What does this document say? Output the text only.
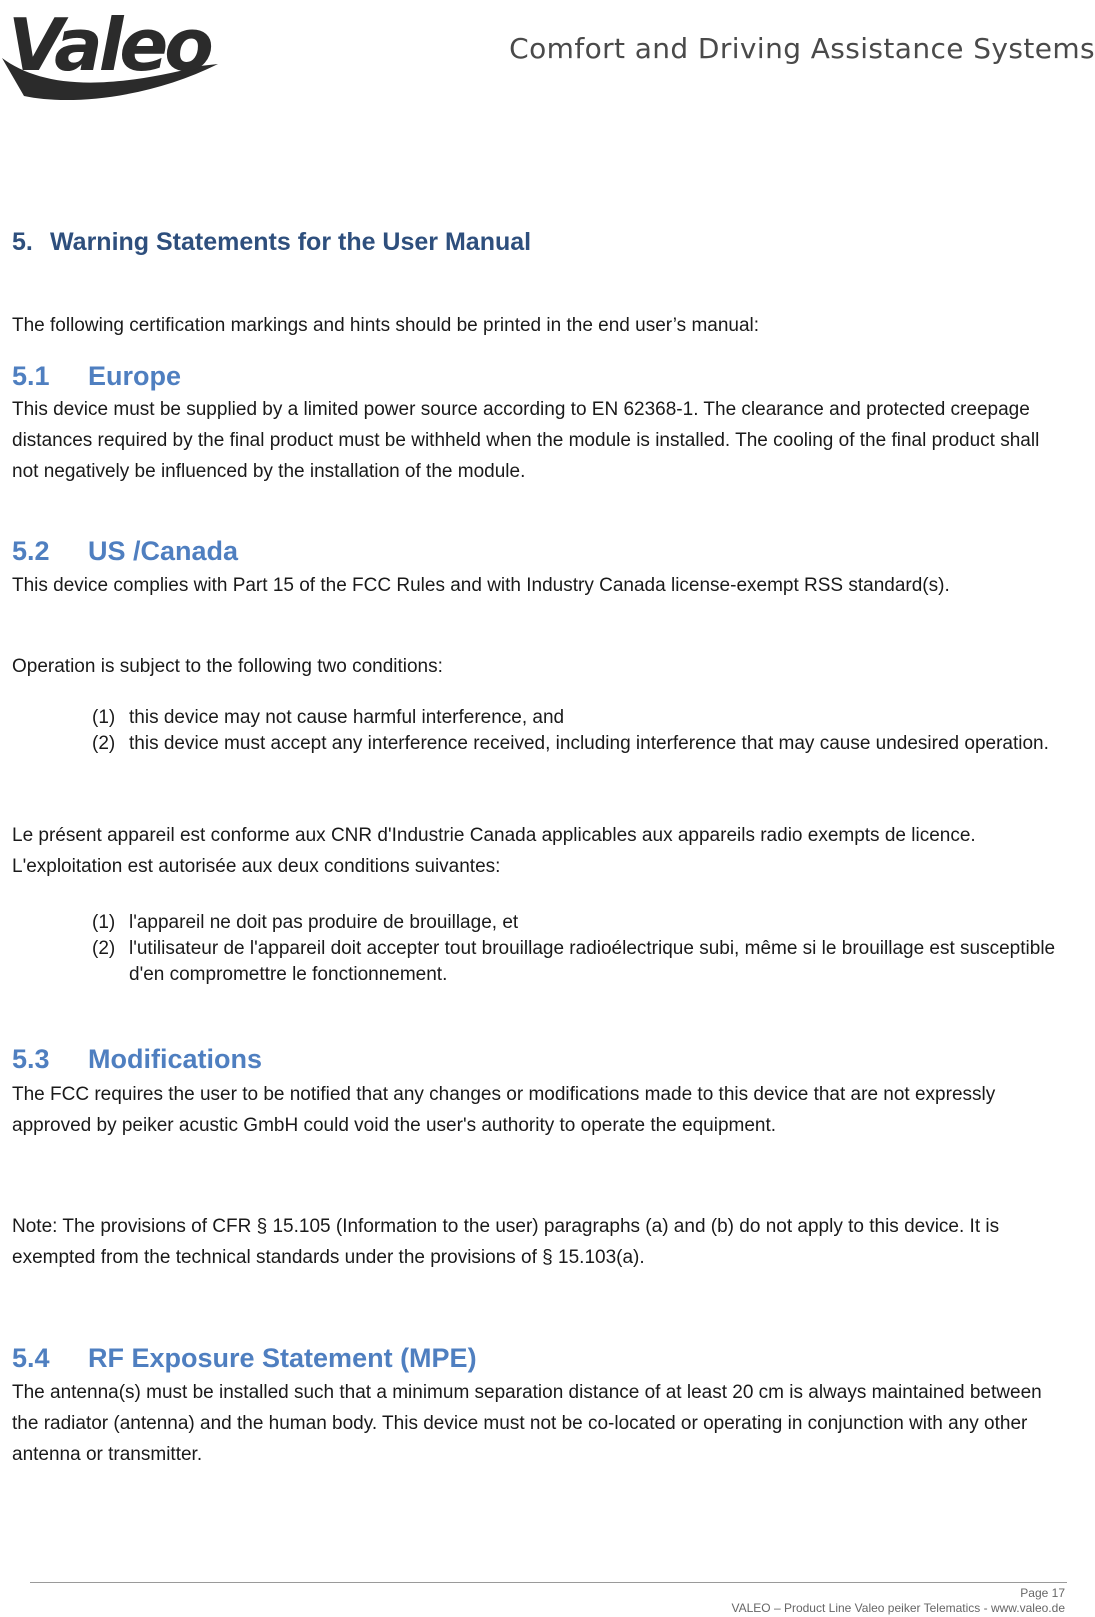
Valeo	Comfort and Driving Assistance Systems
5. Warning Statements for the User Manual

The following certification markings and hints should be printed in the end user’s manual:

5.1 Europe

This device must be supplied by a limited power source according to EN 62368-1. The clearance and protected creepage distances required by the final product must be withheld when the module is installed. The cooling of the final product shall not negatively be influenced by the installation of the module.

5.2 US /Canada

This device complies with Part 15 of the FCC Rules and with Industry Canada license-exempt RSS standard(s).

Operation is subject to the following two conditions:

(1) this device may not cause harmful interference, and
(2) this device must accept any interference received, including interference that may cause undesired operation.

Le présent appareil est conforme aux CNR d'Industrie Canada applicables aux appareils radio exempts de licence. L'exploitation est autorisée aux deux conditions suivantes:

(1) l'appareil ne doit pas produire de brouillage, et
(2) l'utilisateur de l'appareil doit accepter tout brouillage radioélectrique subi, même si le brouillage est susceptible d'en compromettre le fonctionnement.
5.3 Modifications

The FCC requires the user to be notified that any changes or modifications made to this device that are not expressly approved by peiker acustic GmbH could void the user's authority to operate the equipment.

Note: The provisions of CFR § 15.105 (Information to the user) paragraphs (a) and (b) do not apply to this device. It is exempted from the technical standards under the provisions of § 15.103(a).

5.4 RF Exposure Statement (MPE)

The antenna(s) must be installed such that a minimum separation distance of at least 20 cm is always maintained between the radiator (antenna) and the human body. This device must not be co-located or operating in conjunction with any other antenna or transmitter.

Page 17
VALEO – Product Line Valeo peiker Telematics - www.valeo.de
